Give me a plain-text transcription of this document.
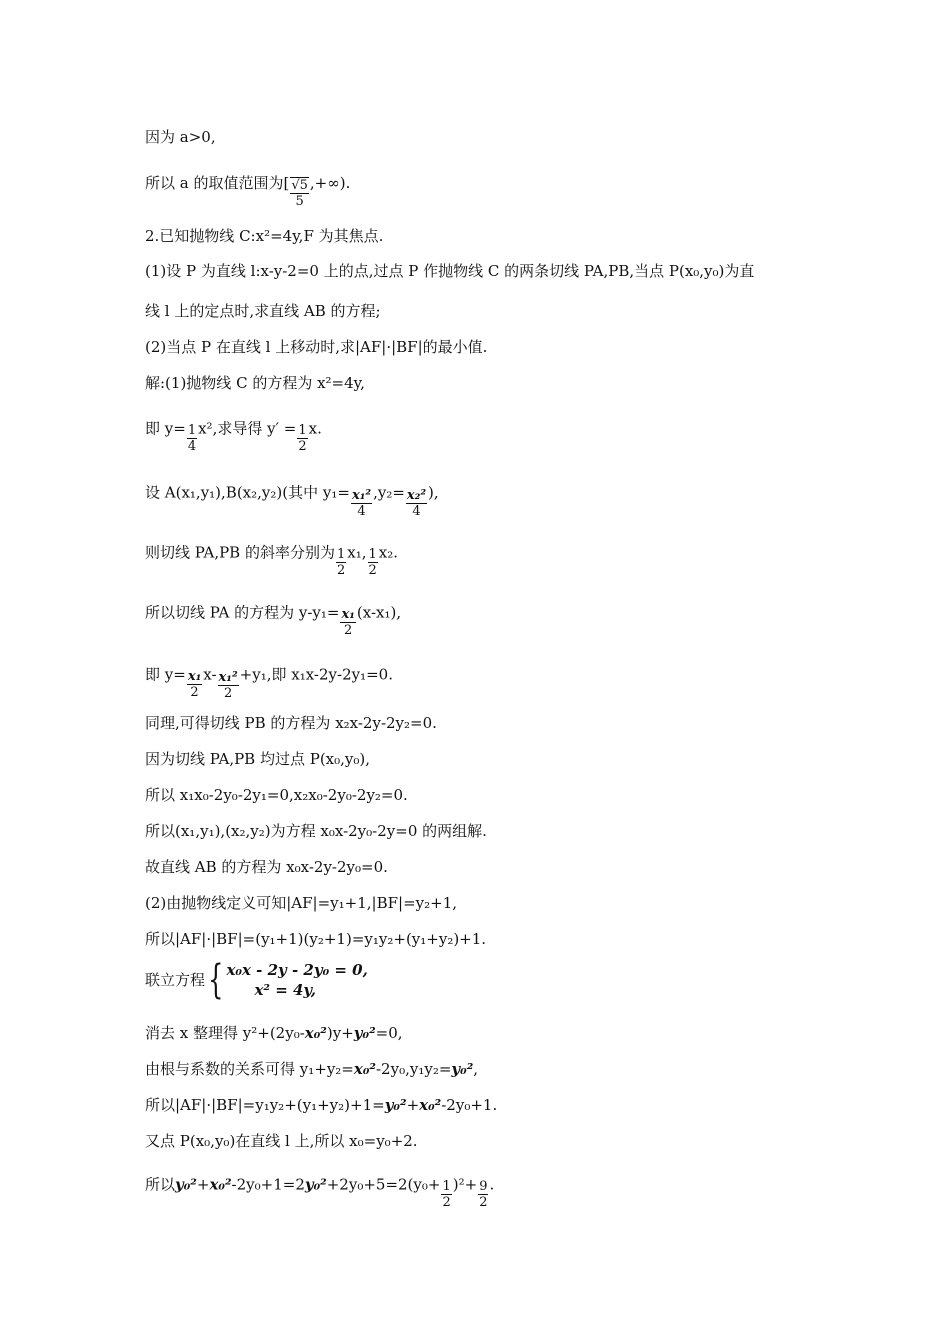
因为 a>0,
所以 a 的取值范围为[ $\frac{√5}{5}$ ,+∞).
2.已知抛物线 C:x²=4y,F 为其焦点.
(1)设 P 为直线 l:x-y-2=0 上的点,过点 P 作抛物线 C 的两条切线 PA,PB,当点 P(x₀,y₀)为直
线 l 上的定点时,求直线 AB 的方程;
(2)当点 P 在直线 l 上移动时,求|AF|·|BF|的最小值.
解:(1)抛物线 C 的方程为 x²=4y,
即 $y= \frac{1}{4} x^2$,求导得 $y' = \frac{1}{2} x$.
设 A(x₁,y₁),B(x₂,y₂)(其中 $y_1= \frac{\text{x₁²}}{4} ,y_2= \frac{\text{x₂²}}{4}$ ),
则切线 PA,PB 的斜率分别为 $\frac{1}{2} x_1$, $\frac{1}{2} x_2$.
所以切线 PA 的方程为 $y-y_1= \frac{\text{x₁}}{2} (x-x_1)$,
即 $y= \frac{\text{x₁}}{2} x- \frac{\text{x₁²}}{2} +y_1$,即 x₁x-2y-2y₁=0.
同理,可得切线 PB 的方程为 x₂x-2y-2y₂=0.
因为切线 PA,PB 均过点 P(x₀,y₀),
所以 x₁x₀-2y₀-2y₁=0,x₂x₀-2y₀-2y₂=0.
所以(x₁,y₁),(x₂,y₂)为方程 x₀x-2y₀-2y=0 的两组解.
故直线 AB 的方程为 x₀x-2y-2y₀=0.
(2)由抛物线定义可知|AF|=y₁+1,|BF|=y₂+1,
所以|AF|·|BF|=(y₁+1)(y₂+1)=y₁y₂+(y₁+y₂)+1.
联立方程 { x₀x - 2y - 2y₀ = 0,
x² = 4y,
消去 x 整理得 y²+(2y₀-x₀²)y+y₀²=0,
由根与系数的关系可得 y₁+y₂=x₀²-2y₀,y₁y₂=y₀²,
所以|AF|·|BF|=y₁y₂+(y₁+y₂)+1=y₀²+x₀²-2y₀+1.
又点 P(x₀,y₀)在直线 l 上,所以 x₀=y₀+2.
所以$y_0^2+x_0^2-2y_0+1=2y_0^2+2y_0+5=2(y_0+ \frac{1}{2} )^2+ \frac{9}{2}$ .
